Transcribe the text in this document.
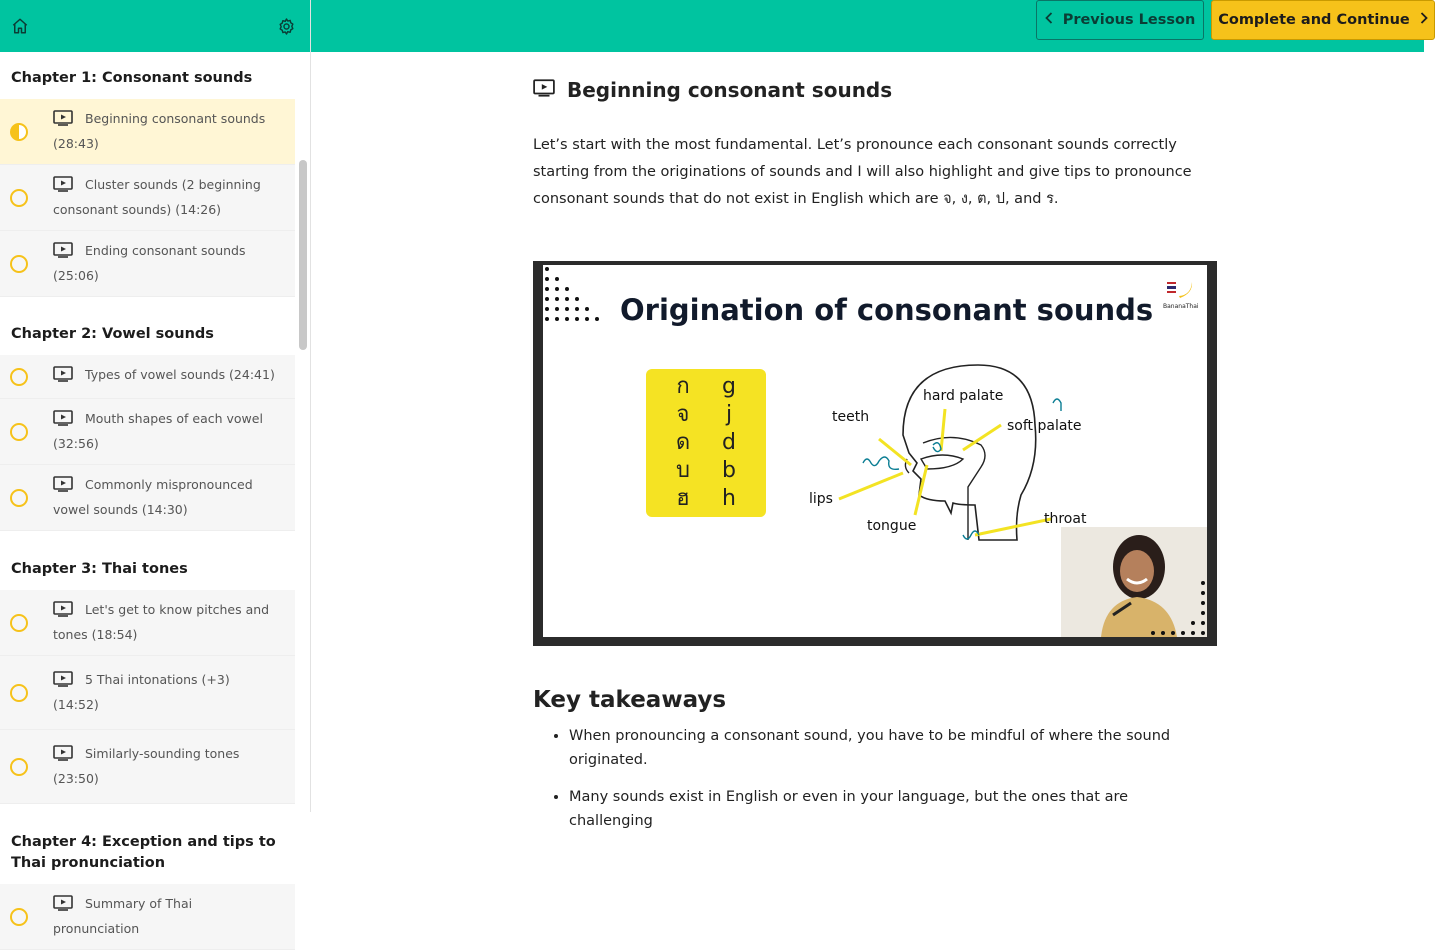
Chapter 1: Consonant sounds
Beginning consonant sounds (28:43)
Cluster sounds (2 beginning consonant sounds) (14:26)
Ending consonant sounds (25:06)
Chapter 2: Vowel sounds
Types of vowel sounds (24:41)
Mouth shapes of each vowel (32:56)
Commonly mispronounced vowel sounds (14:30)
Chapter 3: Thai tones
Let's get to know pitches and tones (18:54)
5 Thai intonations (+3) (14:52)
Similarly-sounding tones (23:50)
Chapter 4: Exception and tips to Thai pronunciation
Summary of Thai pronunciation
Previous Lesson Complete and Continue
Beginning consonant sounds

Let’s start with the most fundamental. Let’s pronounce each consonant sounds correctly starting from the originations of sounds and I will also highlight and give tips to pronounce consonant sounds that do not exist in English which are จ, ง, ต, ป, and ร.

Origination of consonant sounds BananaThai
ก	g
จ	j
ด	d
บ	b
ฮ	h
hard palate
teeth
soft palate
lips
tongue	throat
Key takeaways
• When pronouncing a consonant sound, you have to be mindful of where the sound originated.
• Many sounds exist in English or even in your language, but the ones that are challenging
